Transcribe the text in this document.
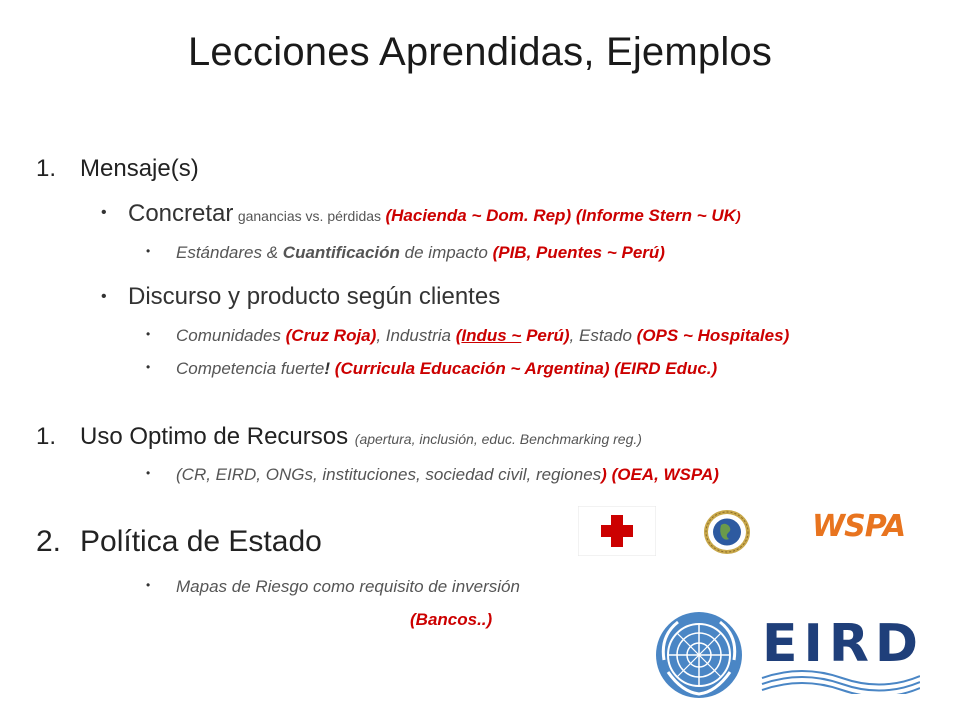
Lecciones Aprendidas, Ejemplos
1. Mensaje(s)
• Concretar ganancias vs. pérdidas (Hacienda ~ Dom. Rep) (Informe Stern ~ UK)
• Estándares & Cuantificación de impacto (PIB, Puentes ~ Perú)
• Discurso y producto según clientes
• Comunidades (Cruz Roja), Industria (Indus ~ Perú), Estado (OPS ~ Hospitales)
• Competencia fuerte! (Curricula Educación ~ Argentina) (EIRD Educ.)
1. Uso Optimo de Recursos (apertura, inclusión, educ. Benchmarking reg.)
• (CR, EIRD, ONGs, instituciones, sociedad civil, regiones) (OEA, WSPA)
2. Política de Estado
• Mapas de Riesgo como requisito de inversión
(Bancos..)
WSPA
EIRD
